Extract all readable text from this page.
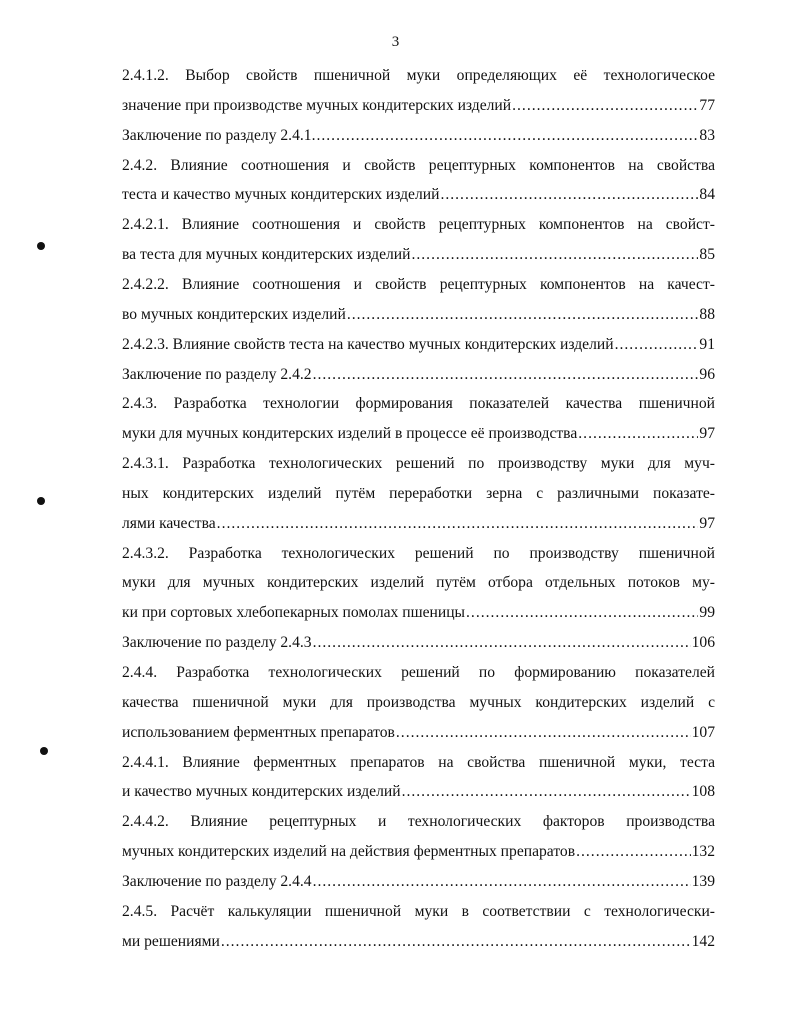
3
2.4.1.2. Выбор свойств пшеничной муки определяющих её технологическое
значение при производстве мучных кондитерских изделий .....	77
Заключение по разделу 2.4.1. .....	83
2.4.2. Влияние соотношения и свойств рецептурных компонентов на свойства
теста и качество мучных кондитерских изделий .....	84
2.4.2.1. Влияние соотношения и свойств рецептурных компонентов на свойст-
ва теста для мучных кондитерских изделий .....	85
2.4.2.2. Влияние соотношения и свойств рецептурных компонентов на качест-
во мучных кондитерских изделий .....	88
2.4.2.3. Влияние свойств теста на качество мучных кондитерских изделий .....	91
Заключение по разделу 2.4.2 .....	96
2.4.3. Разработка технологии формирования показателей качества пшеничной
муки для мучных кондитерских изделий в процессе её производства .....	97
2.4.3.1. Разработка технологических решений по производству муки для муч-
ных кондитерских изделий путём переработки зерна с различными показате-
лями качества .....	97
2.4.3.2. Разработка технологических решений по производству пшеничной
муки для мучных кондитерских изделий путём отбора отдельных потоков му-
ки при сортовых хлебопекарных помолах пшеницы .....	99
Заключение по разделу 2.4.3 .....	106
2.4.4. Разработка технологических решений по формированию показателей
качества пшеничной муки для производства мучных кондитерских изделий с
использованием ферментных препаратов .....	107
2.4.4.1. Влияние ферментных препаратов на свойства пшеничной муки, теста
и качество мучных кондитерских изделий .....	108
2.4.4.2. Влияние рецептурных и технологических факторов производства
мучных кондитерских изделий на действия ферментных препаратов .....	132
Заключение по разделу 2.4.4 .....	139
2.4.5. Расчёт калькуляции пшеничной муки в соответствии с технологически-
ми решениями .....	142
